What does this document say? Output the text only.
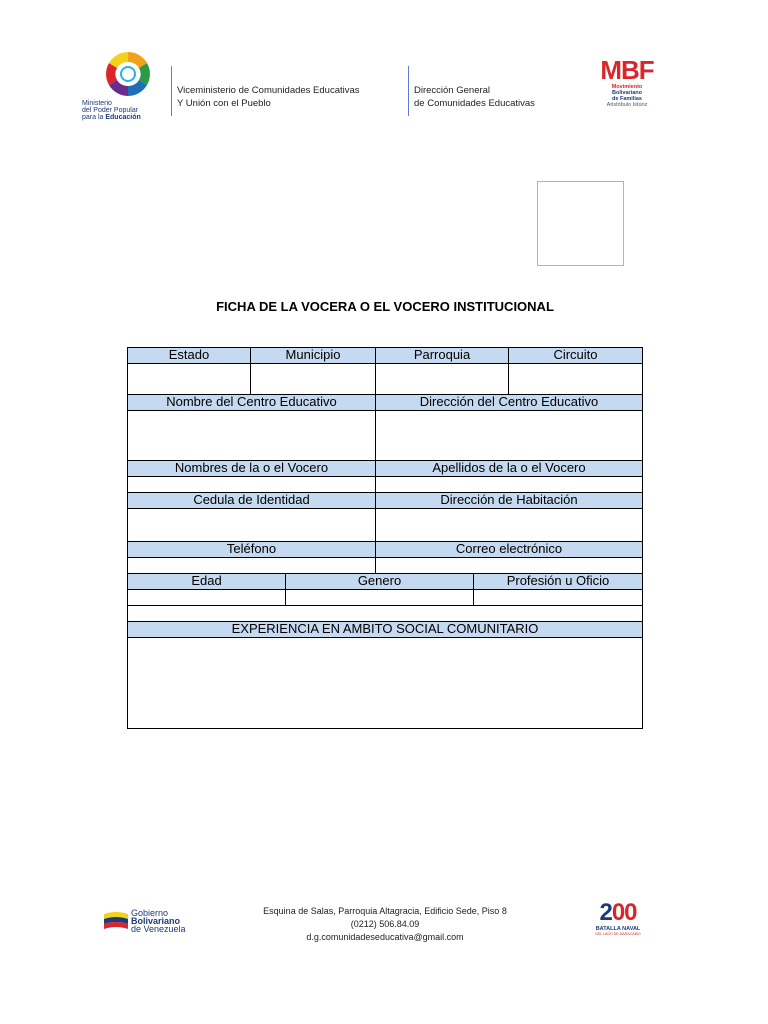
Ministerio
del Poder Popular
para la Educación
Viceministerio de Comunidades Educativas
Y Unión con el Pueblo
Dirección General
de Comunidades Educativas
MBF
Movimiento
Bolivariano
de Familias
Aristóbulo Istúriz
FICHA DE LA VOCERA O EL VOCERO INSTITUCIONAL
Estado	Municipio	Parroquia	Circuito
Nombre del Centro Educativo	Dirección del Centro Educativo
Nombres de la o el Vocero	Apellidos de la o el Vocero
Cedula de Identidad	Dirección de Habitación
Teléfono	Correo electrónico
Edad	Genero	Profesión u Oficio
EXPERIENCIA EN AMBITO SOCIAL COMUNITARIO
Gobierno
Bolivariano
de Venezuela
Esquina de Salas, Parroquia Altagracia, Edificio Sede, Piso 8
(0212) 506.84.09
d.g.comunidadeseducativa@gmail.com
200
BATALLA NAVAL
DEL LAGO DE MARACAIBO
